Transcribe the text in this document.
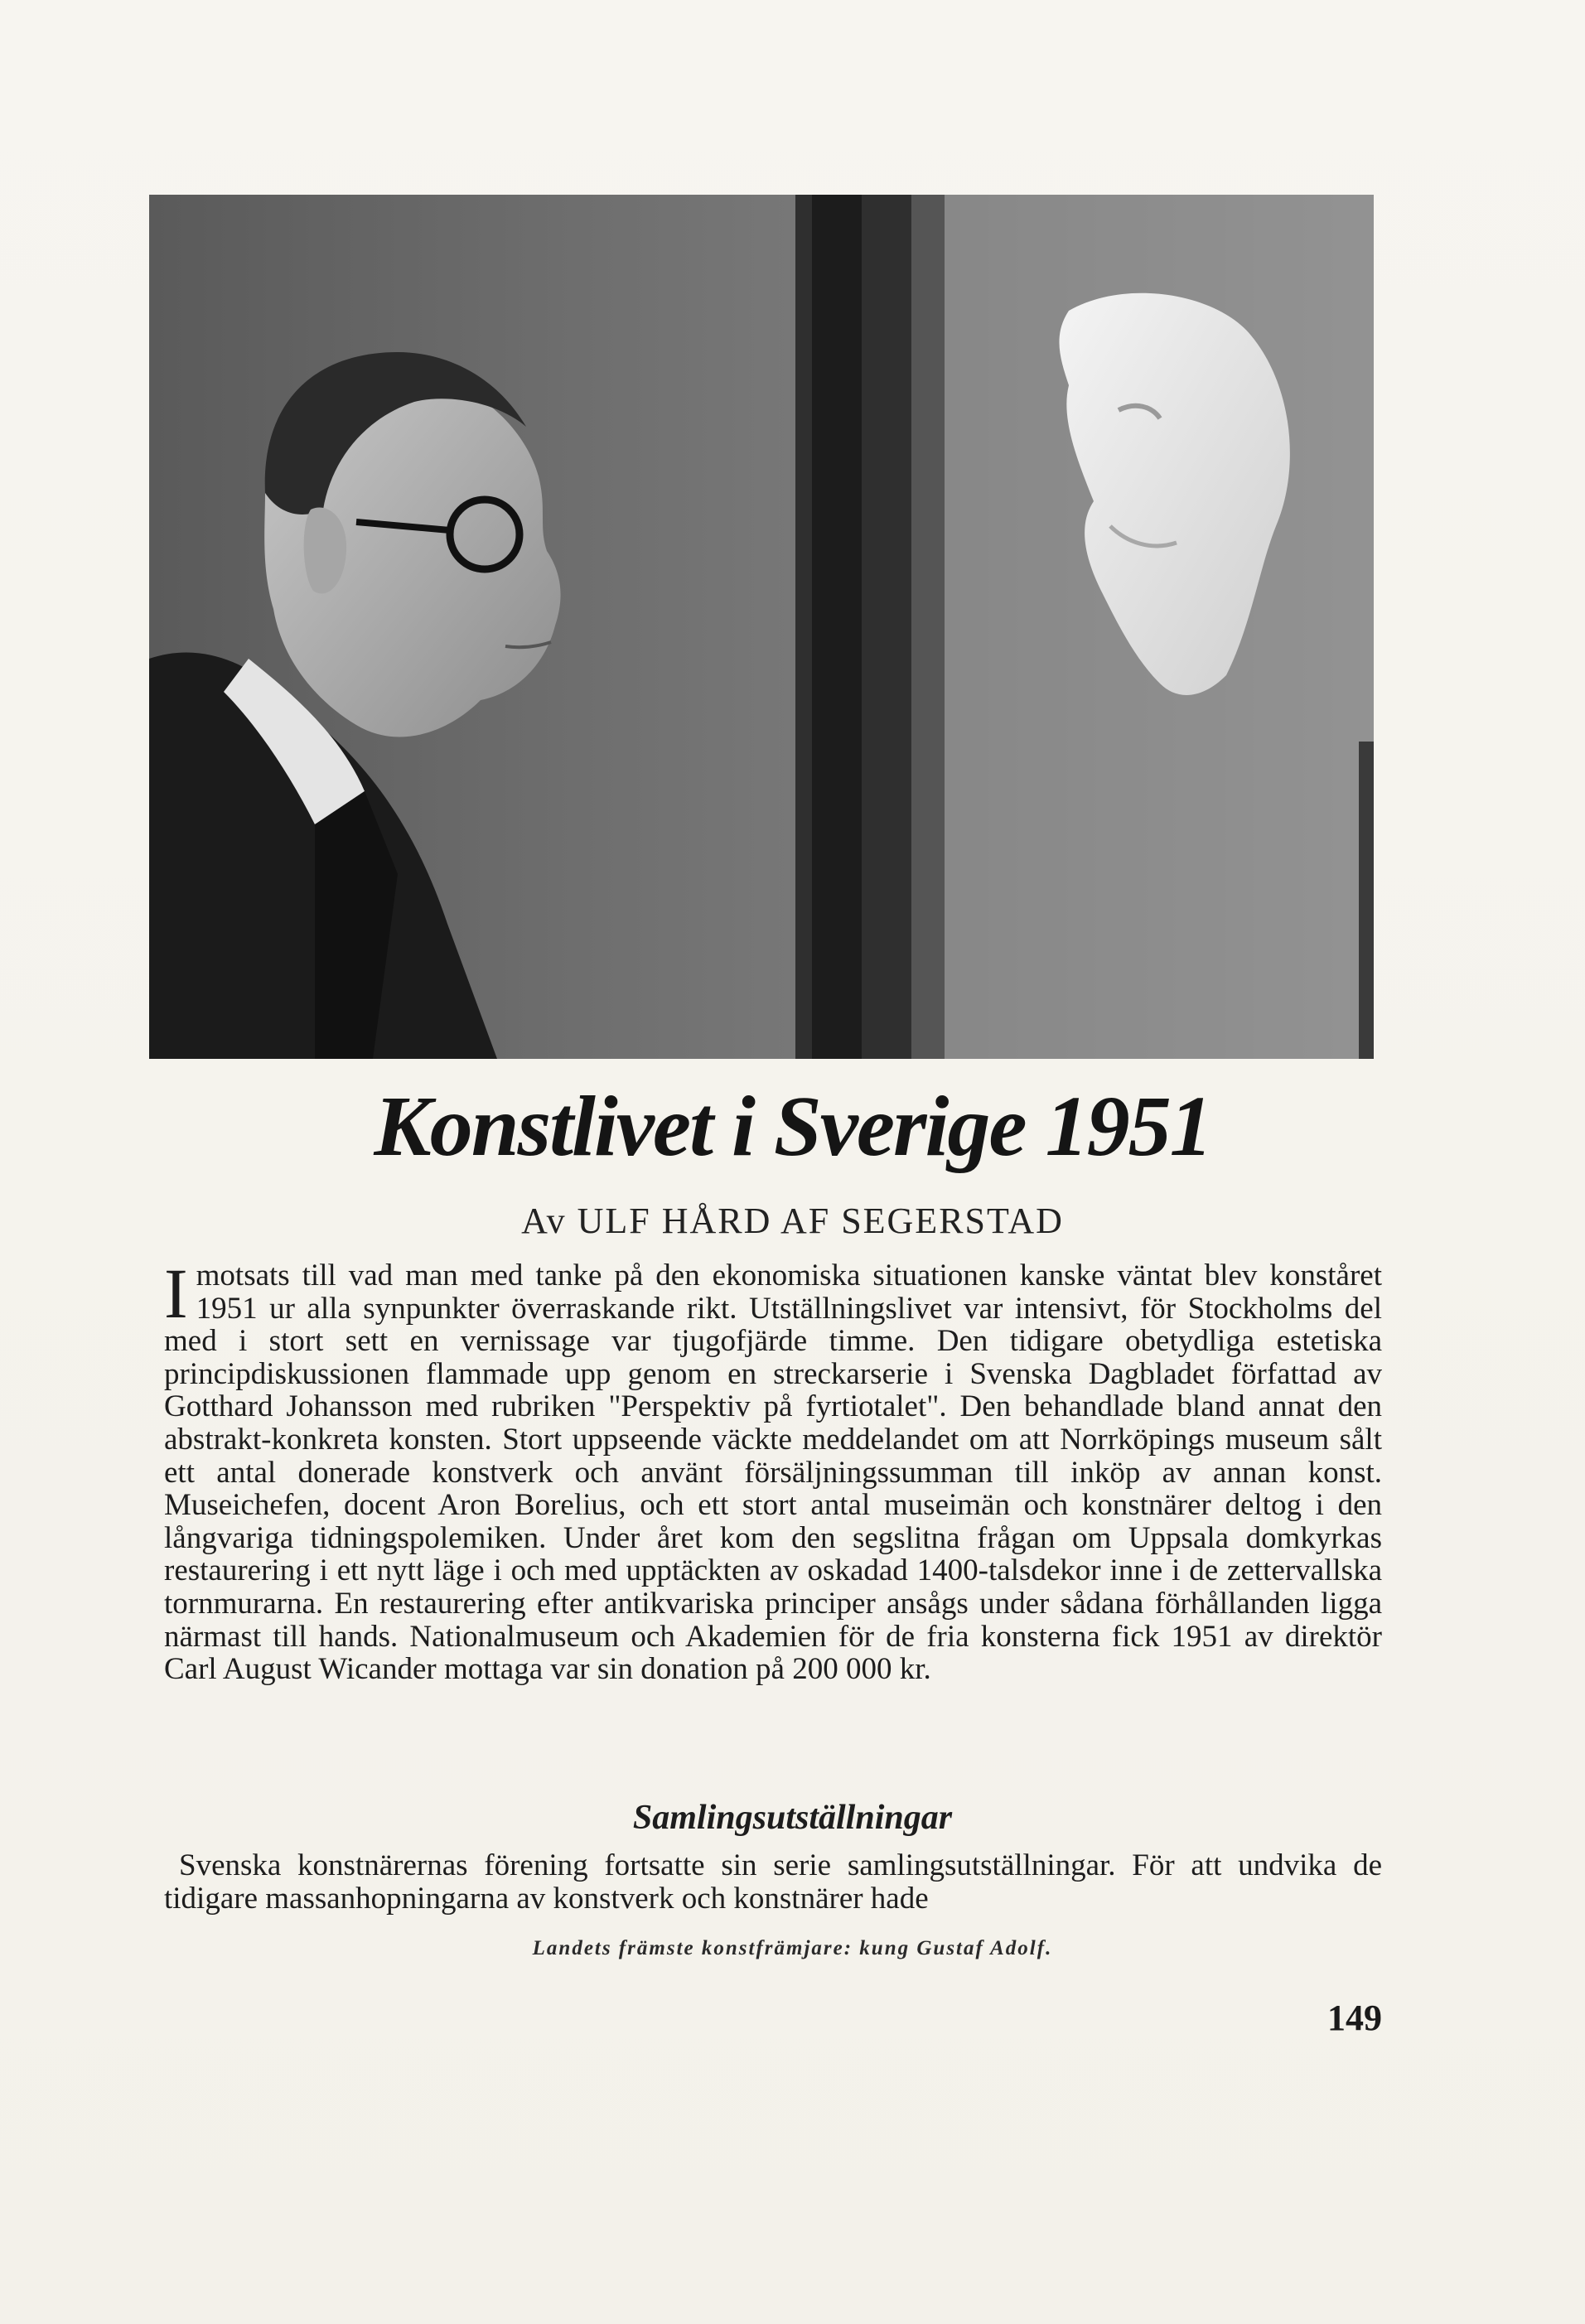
Konstlivet i Sverige 1951
Av ULF HÅRD AF SEGERSTAD

Imotsats till vad man med tanke på den ekonomiska situationen kanske väntat blev konståret 1951 ur alla synpunkter överraskande rikt. Utställningslivet var intensivt, för Stockholms del med i stort sett en vernissage var tjugofjärde timme. Den tidigare obetydliga estetiska principdiskussionen flammade upp genom en streckarserie i Svenska Dagbladet författad av Gotthard Johansson med rubriken "Perspektiv på fyrtiotalet". Den behandlade bland annat den abstrakt-konkreta konsten. Stort uppseende väckte meddelandet om att Norrköpings museum sålt ett antal donerade konstverk och använt försäljningssumman till inköp av annan konst. Museichefen, docent Aron Borelius, och ett stort antal museimän och konstnärer deltog i den långvariga tidningspolemiken. Under året kom den segslitna frågan om Uppsala domkyrkas restaurering i ett nytt läge i och med upptäckten av oskadad 1400-talsdekor inne i de zettervallska tornmurarna. En restaurering efter antikvariska principer ansågs under sådana förhållanden ligga närmast till hands. Nationalmuseum och Akademien för de fria konsterna fick 1951 av direktör Carl August Wicander mottaga var sin donation på 200 000 kr.

Samlingsutställningar

Svenska konstnärernas förening fortsatte sin serie samlingsutställningar. För att undvika de tidigare massanhopningarna av konstverk och konstnärer hade

Landets främste konstfrämjare: kung Gustaf Adolf.
149
